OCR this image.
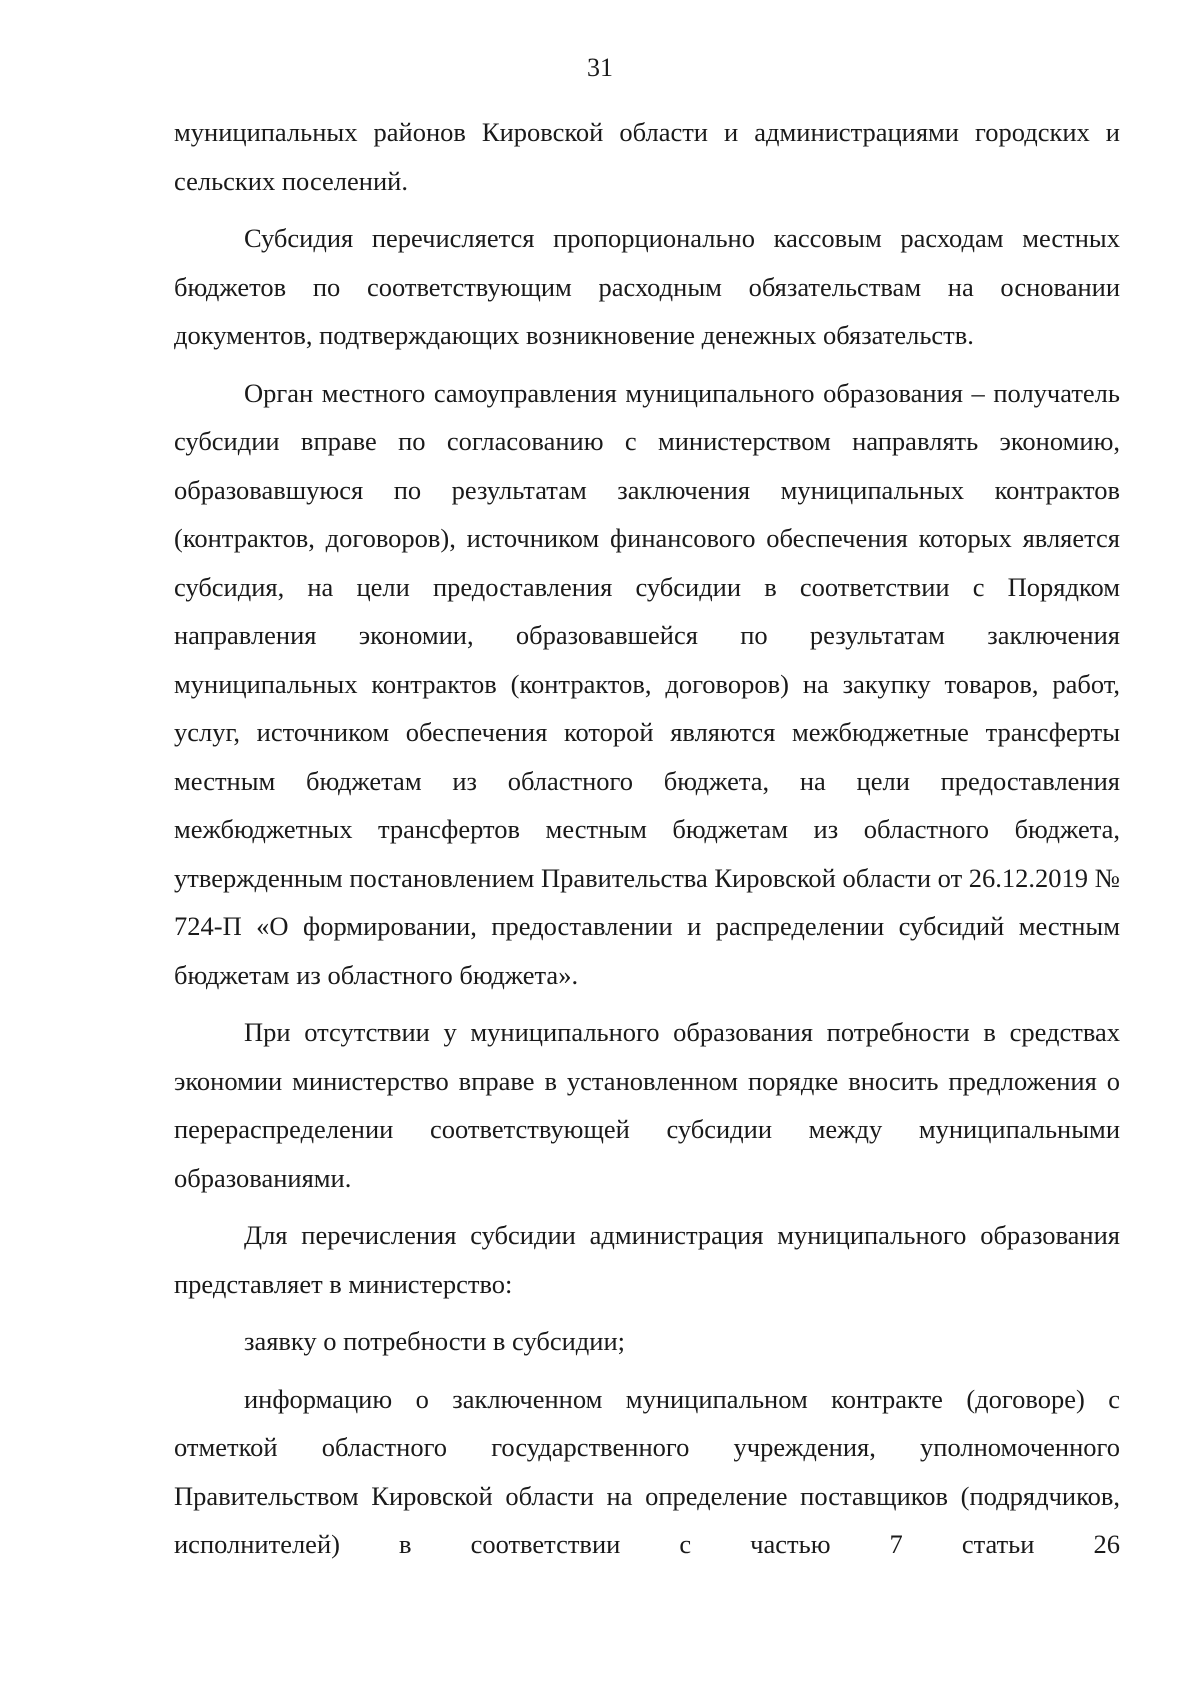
31

муниципальных районов Кировской области и администрациями городских и сельских поселений.

Субсидия перечисляется пропорционально кассовым расходам местных бюджетов по соответствующим расходным обязательствам на основании документов, подтверждающих возникновение денежных обязательств.

Орган местного самоуправления муниципального образования – получатель субсидии вправе по согласованию с министерством направлять экономию, образовавшуюся по результатам заключения муниципальных контрактов (контрактов, договоров), источником финансового обеспечения которых является субсидия, на цели предоставления субсидии в соответствии с Порядком направления экономии, образовавшейся по результатам заключения муниципальных контрактов (контрактов, договоров) на закупку товаров, работ, услуг, источником обеспечения которой являются межбюджетные трансферты местным бюджетам из областного бюджета, на цели предоставления межбюджетных трансфертов местным бюджетам из областного бюджета, утвержденным постановлением Правительства Кировской области от 26.12.2019 № 724-П «О формировании, предоставлении и распределении субсидий местным бюджетам из областного бюджета».

При отсутствии у муниципального образования потребности в средствах экономии министерство вправе в установленном порядке вносить предложения о перераспределении соответствующей субсидии между муниципальными образованиями.

Для перечисления субсидии администрация муниципального образования представляет в министерство:

заявку о потребности в субсидии;

информацию о заключенном муниципальном контракте (договоре) с отметкой областного государственного учреждения, уполномоченного Правительством Кировской области на определение поставщиков (подрядчиков, исполнителей) в соответствии с частью 7 статьи 26
